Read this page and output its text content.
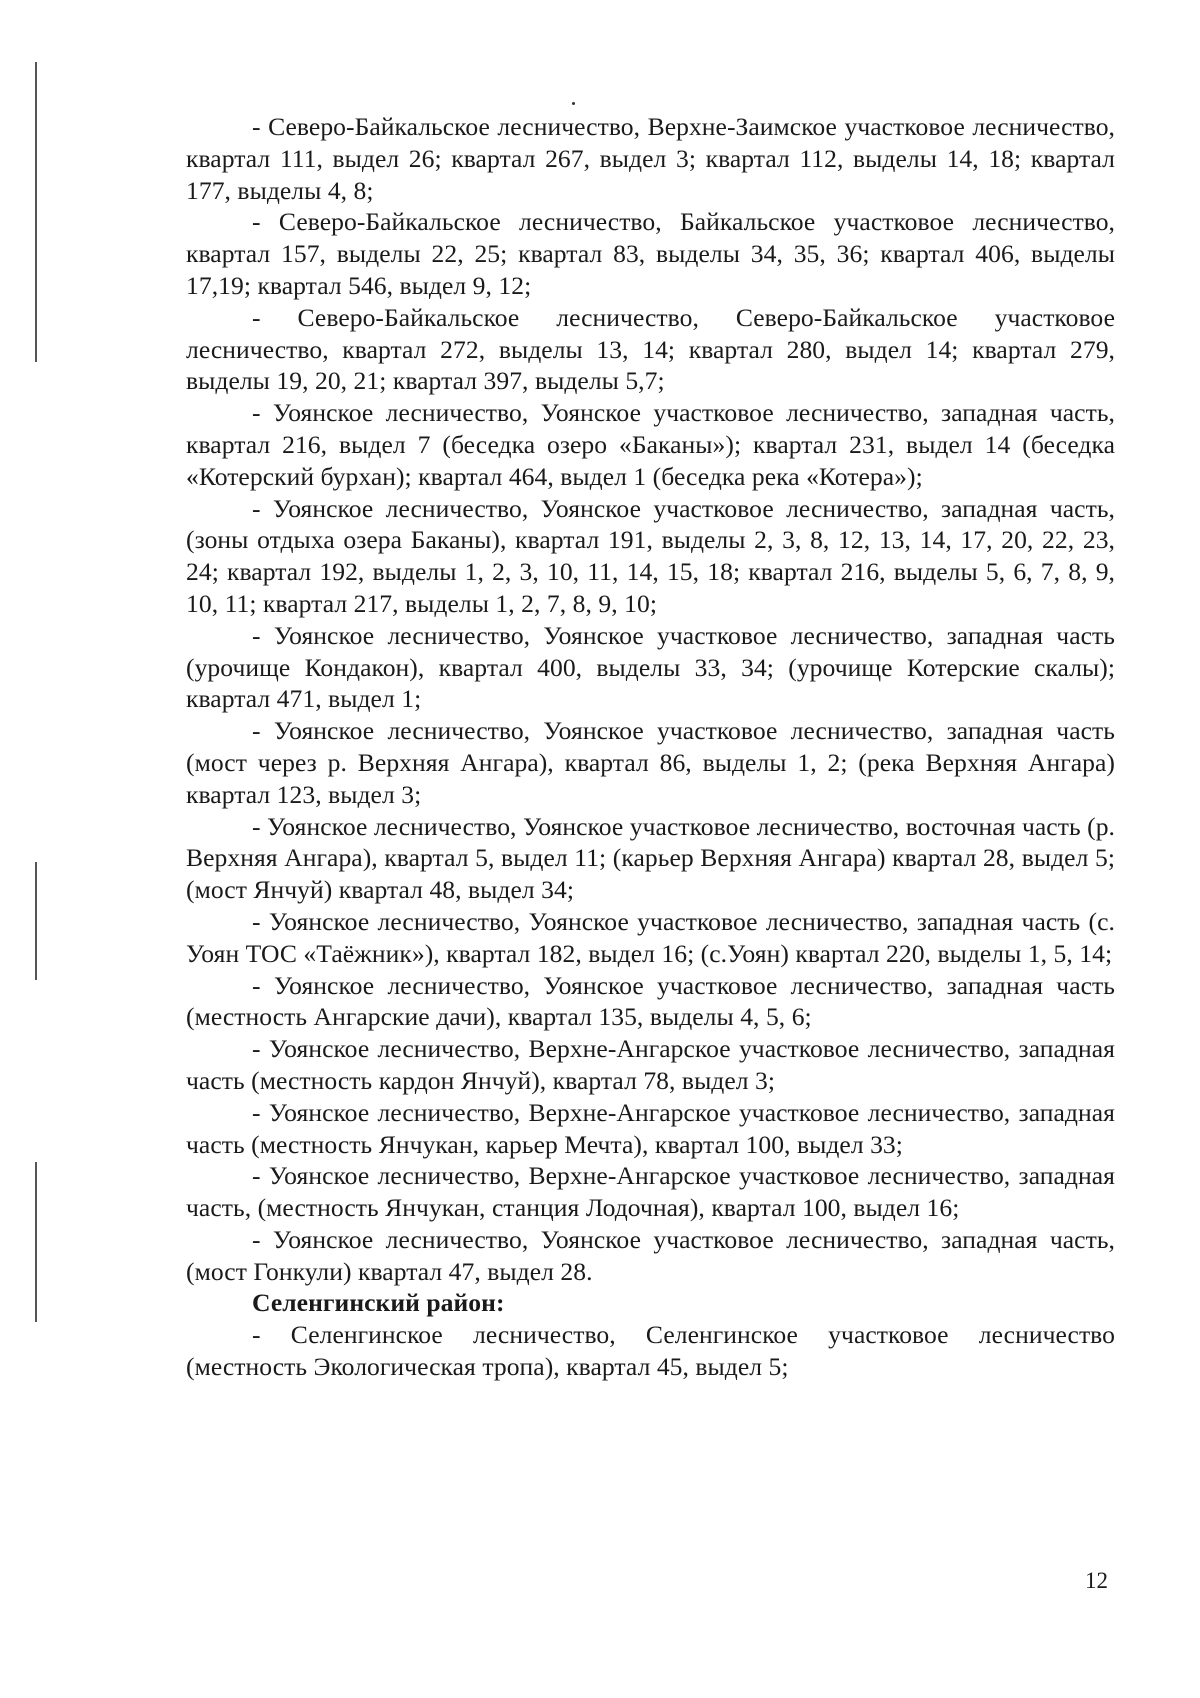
- Северо-Байкальское лесничество, Верхне-Заимское участковое лесничество, квартал 111, выдел 26; квартал 267, выдел 3; квартал 112, выделы 14, 18; квартал 177, выделы 4, 8;

- Северо-Байкальское лесничество, Байкальское участковое лесничество, квартал 157, выделы 22, 25; квартал 83, выделы 34, 35, 36; квартал 406, выделы 17,19; квартал 546, выдел 9, 12;

- Северо-Байкальское лесничество, Северо-Байкальское участковое лесничество, квартал 272, выделы 13, 14; квартал 280, выдел 14; квартал 279, выделы 19, 20, 21; квартал 397, выделы 5,7;

- Уоянское лесничество, Уоянское участковое лесничество, западная часть, квартал 216, выдел 7 (беседка озеро «Баканы»); квартал 231, выдел 14 (беседка «Котерский бурхан); квартал 464, выдел 1 (беседка река «Котера»);

- Уоянское лесничество, Уоянское участковое лесничество, западная часть, (зоны отдыха озера Баканы), квартал 191, выделы 2, 3, 8, 12, 13, 14, 17, 20, 22, 23, 24; квартал 192, выделы 1, 2, 3, 10, 11, 14, 15, 18; квартал 216, выделы 5, 6, 7, 8, 9, 10, 11; квартал 217, выделы 1, 2, 7, 8, 9, 10;

- Уоянское лесничество, Уоянское участковое лесничество, западная часть (урочище Кондакон), квартал 400, выделы 33, 34; (урочище Котерские скалы); квартал 471, выдел 1;

- Уоянское лесничество, Уоянское участковое лесничество, западная часть (мост через р. Верхняя Ангара), квартал 86, выделы 1, 2; (река Верхняя Ангара) квартал 123, выдел 3;

- Уоянское лесничество, Уоянское участковое лесничество, восточная часть (р. Верхняя Ангара), квартал 5, выдел 11; (карьер Верхняя Ангара) квартал 28, выдел 5; (мост Янчуй) квартал 48, выдел 34;

- Уоянское лесничество, Уоянское участковое лесничество, западная часть (с. Уоян ТОС «Таёжник»), квартал 182, выдел 16; (с.Уоян) квартал 220, выделы 1, 5, 14;

- Уоянское лесничество, Уоянское участковое лесничество, западная часть (местность Ангарские дачи), квартал 135, выделы 4, 5, 6;

- Уоянское лесничество, Верхне-Ангарское участковое лесничество, западная часть (местность кардон Янчуй), квартал 78, выдел 3;

- Уоянское лесничество, Верхне-Ангарское участковое лесничество, западная часть (местность Янчукан, карьер Мечта), квартал 100, выдел 33;

- Уоянское лесничество, Верхне-Ангарское участковое лесничество, западная часть, (местность Янчукан, станция Лодочная), квартал 100, выдел 16;

- Уоянское лесничество, Уоянское участковое лесничество, западная часть, (мост Гонкули) квартал 47, выдел 28.

Селенгинский район:

- Селенгинское лесничество, Селенгинское участковое лесничество (местность Экологическая тропа), квартал 45, выдел 5;

12
